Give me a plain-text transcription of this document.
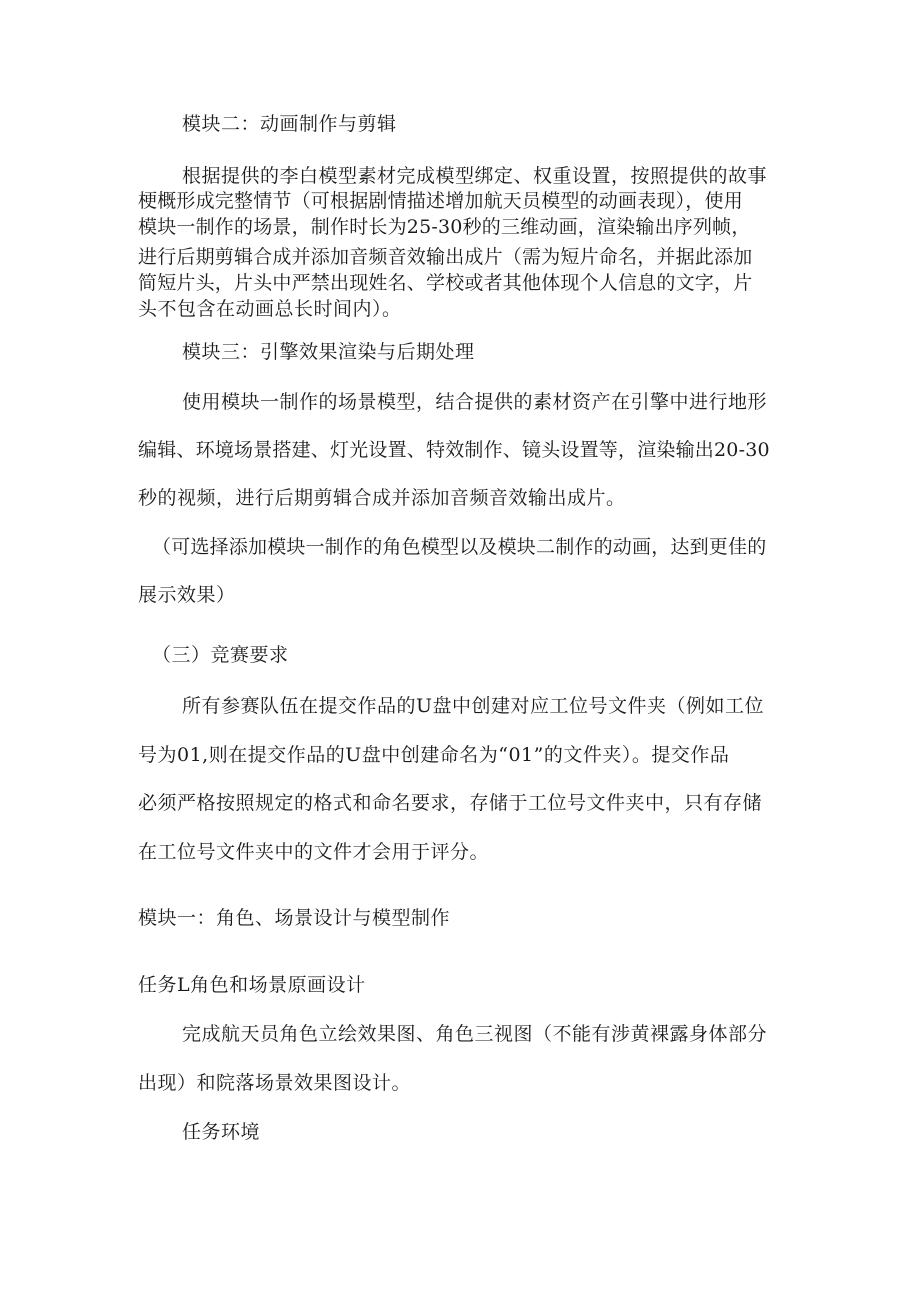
模块二：动画制作与剪辑
根据提供的李白模型素材完成模型绑定、权重设置，按照提供的故事
梗概形成完整情节（可根据剧情描述增加航天员模型的动画表现），使用
模块一制作的场景，制作时长为25-30秒的三维动画，渲染输出序列帧，
进行后期剪辑合成并添加音频音效输出成片（需为短片命名，并据此添加
简短片头，片头中严禁出现姓名、学校或者其他体现个人信息的文字，片
头不包含在动画总长时间内）。
模块三：引擎效果渲染与后期处理
使用模块一制作的场景模型，结合提供的素材资产在引擎中进行地形
编辑、环境场景搭建、灯光设置、特效制作、镜头设置等，渲染输出20-30
秒的视频，进行后期剪辑合成并添加音频音效输出成片。
（可选择添加模块一制作的角色模型以及模块二制作的动画，达到更佳的
展示效果）
（三）竞赛要求
所有参赛队伍在提交作品的U盘中创建对应工位号文件夹（例如工位
号为01,则在提交作品的U盘中创建命名为“01”的文件夹）。提交作品
必须严格按照规定的格式和命名要求，存储于工位号文件夹中，只有存储
在工位号文件夹中的文件才会用于评分。
模块一：角色、场景设计与模型制作
任务L角色和场景原画设计
完成航天员角色立绘效果图、角色三视图（不能有涉黄裸露身体部分
出现）和院落场景效果图设计。
任务环境
